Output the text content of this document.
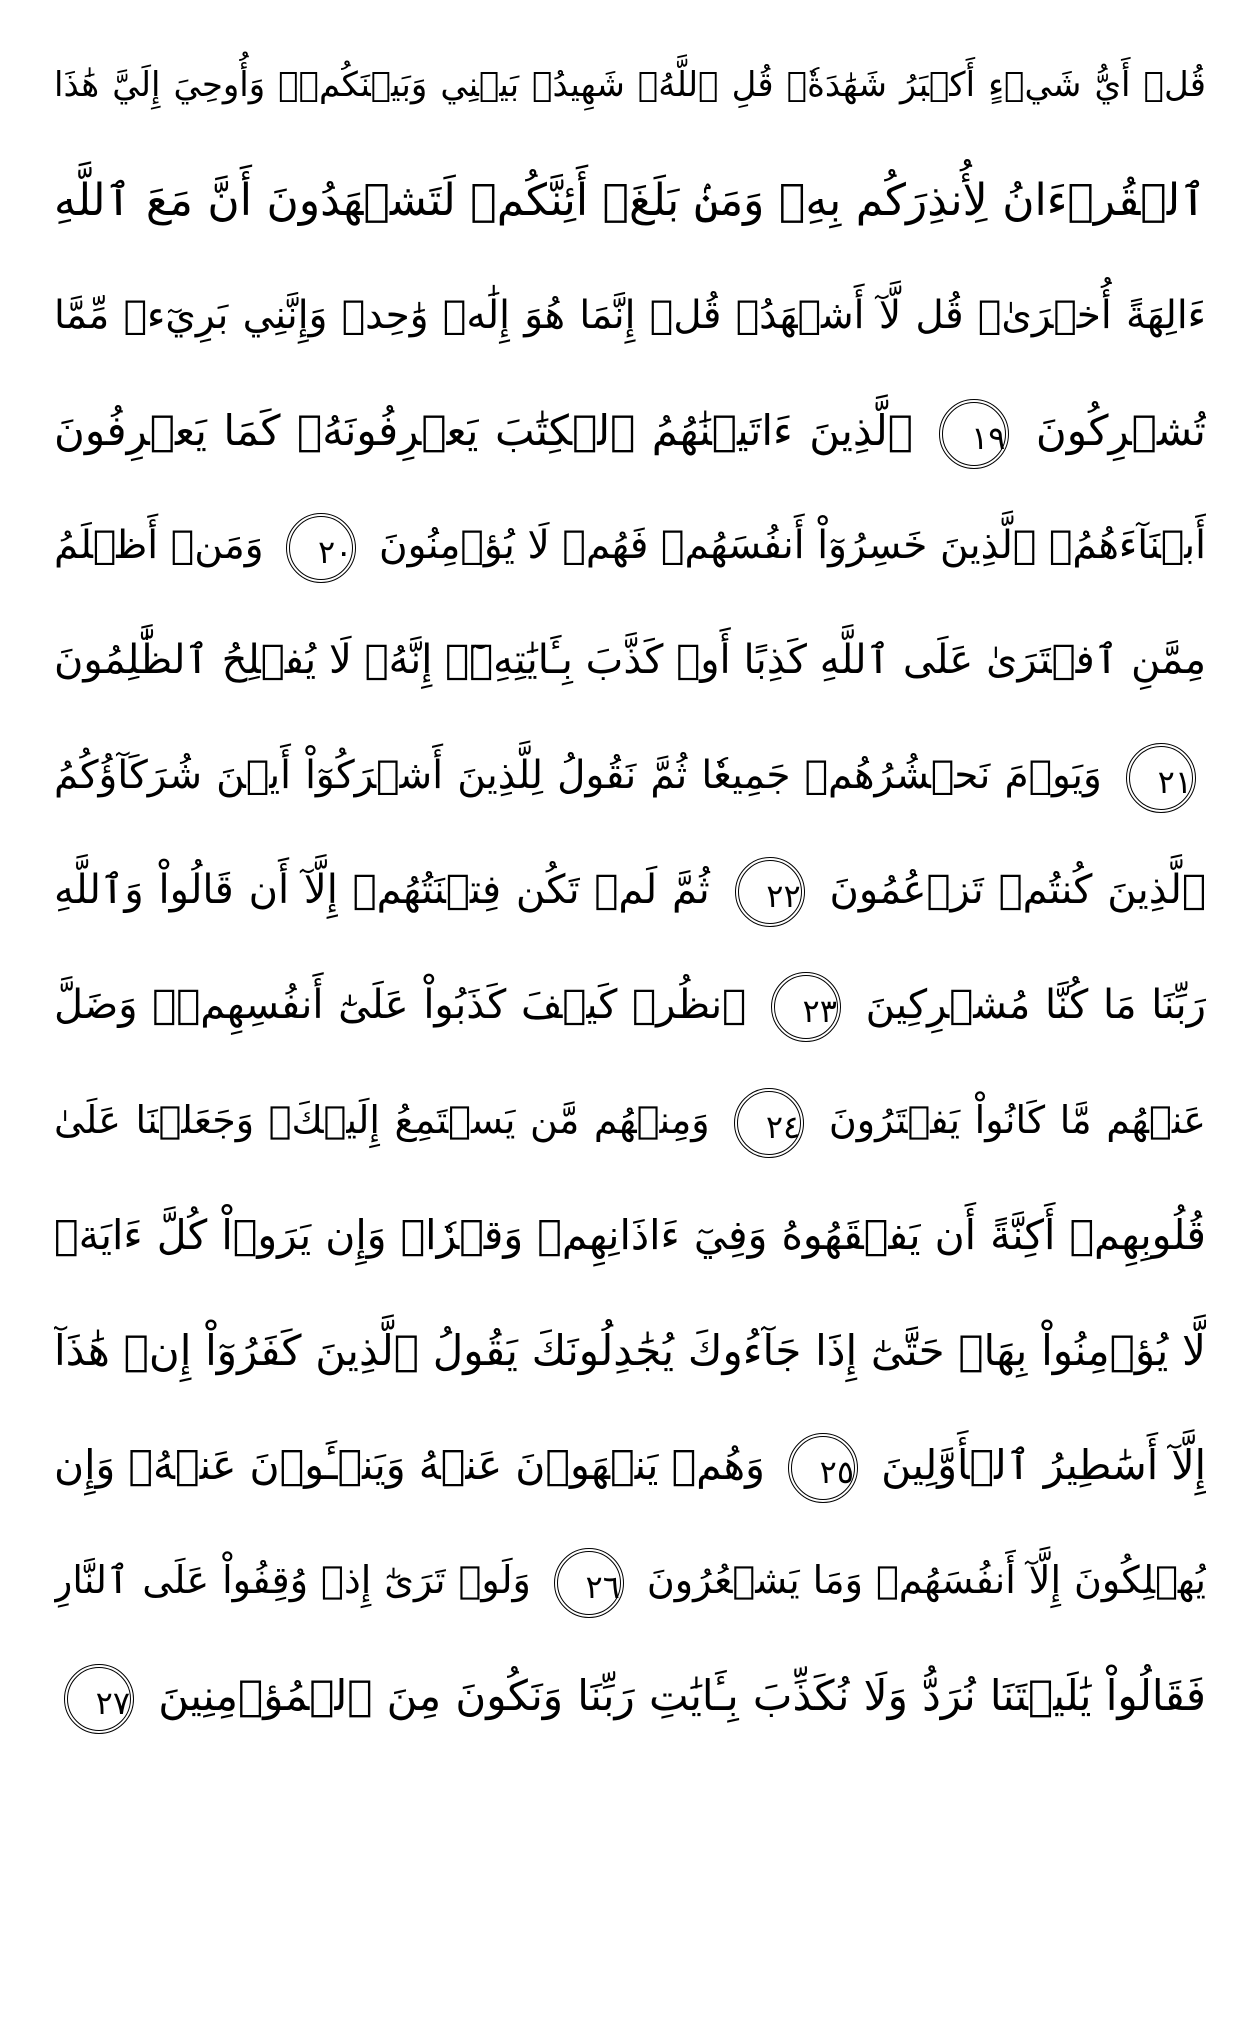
قُلۡ أَيُّ شَيۡءٍ أَكۡبَرُ شَهَٰدَةٗۖ قُلِ ٱللَّهُۖ شَهِيدُۢ بَيۡنِي وَبَيۡنَكُمۡۚ وَأُوحِيَ إِلَيَّ هَٰذَا
ٱلۡقُرۡءَانُ لِأُنذِرَكُم بِهِۦ وَمَنۢ بَلَغَۚ أَئِنَّكُمۡ لَتَشۡهَدُونَ أَنَّ مَعَ ٱللَّهِ
ءَالِهَةً أُخۡرَىٰۚ قُل لَّآ أَشۡهَدُۚ قُلۡ إِنَّمَا هُوَ إِلَٰهٞ وَٰحِدٞ وَإِنَّنِي بَرِيٓءٞ مِّمَّا
تُشۡرِكُونَ ١٩ ٱلَّذِينَ ءَاتَيۡنَٰهُمُ ٱلۡكِتَٰبَ يَعۡرِفُونَهُۥ كَمَا يَعۡرِفُونَ
أَبۡنَآءَهُمُۘ ٱلَّذِينَ خَسِرُوٓاْ أَنفُسَهُمۡ فَهُمۡ لَا يُؤۡمِنُونَ ٢٠ وَمَنۡ أَظۡلَمُ
مِمَّنِ ٱفۡتَرَىٰ عَلَى ٱللَّهِ كَذِبًا أَوۡ كَذَّبَ بِـَٔايَٰتِهِۦٓۚ إِنَّهُۥ لَا يُفۡلِحُ ٱلظَّٰلِمُونَ
٢١ وَيَوۡمَ نَحۡشُرُهُمۡ جَمِيعٗا ثُمَّ نَقُولُ لِلَّذِينَ أَشۡرَكُوٓاْ أَيۡنَ شُرَكَآؤُكُمُ
ٱلَّذِينَ كُنتُمۡ تَزۡعُمُونَ ٢٢ ثُمَّ لَمۡ تَكُن فِتۡنَتُهُمۡ إِلَّآ أَن قَالُواْ وَٱللَّهِ
رَبِّنَا مَا كُنَّا مُشۡرِكِينَ ٢٣ ٱنظُرۡ كَيۡفَ كَذَبُواْ عَلَىٰٓ أَنفُسِهِمۡۚ وَضَلَّ
عَنۡهُم مَّا كَانُواْ يَفۡتَرُونَ ٢٤ وَمِنۡهُم مَّن يَسۡتَمِعُ إِلَيۡكَۖ وَجَعَلۡنَا عَلَىٰ
قُلُوبِهِمۡ أَكِنَّةً أَن يَفۡقَهُوهُ وَفِيٓ ءَاذَانِهِمۡ وَقۡرٗاۚ وَإِن يَرَوۡاْ كُلَّ ءَايَةٖ
لَّا يُؤۡمِنُواْ بِهَاۖ حَتَّىٰٓ إِذَا جَآءُوكَ يُجَٰدِلُونَكَ يَقُولُ ٱلَّذِينَ كَفَرُوٓاْ إِنۡ هَٰذَآ
إِلَّآ أَسَٰطِيرُ ٱلۡأَوَّلِينَ ٢٥ وَهُمۡ يَنۡهَوۡنَ عَنۡهُ وَيَنۡـَٔوۡنَ عَنۡهُۖ وَإِن
يُهۡلِكُونَ إِلَّآ أَنفُسَهُمۡ وَمَا يَشۡعُرُونَ ٢٦ وَلَوۡ تَرَىٰٓ إِذۡ وُقِفُواْ عَلَى ٱلنَّارِ
فَقَالُواْ يَٰلَيۡتَنَا نُرَدُّ وَلَا نُكَذِّبَ بِـَٔايَٰتِ رَبِّنَا وَنَكُونَ مِنَ ٱلۡمُؤۡمِنِينَ ٢٧
